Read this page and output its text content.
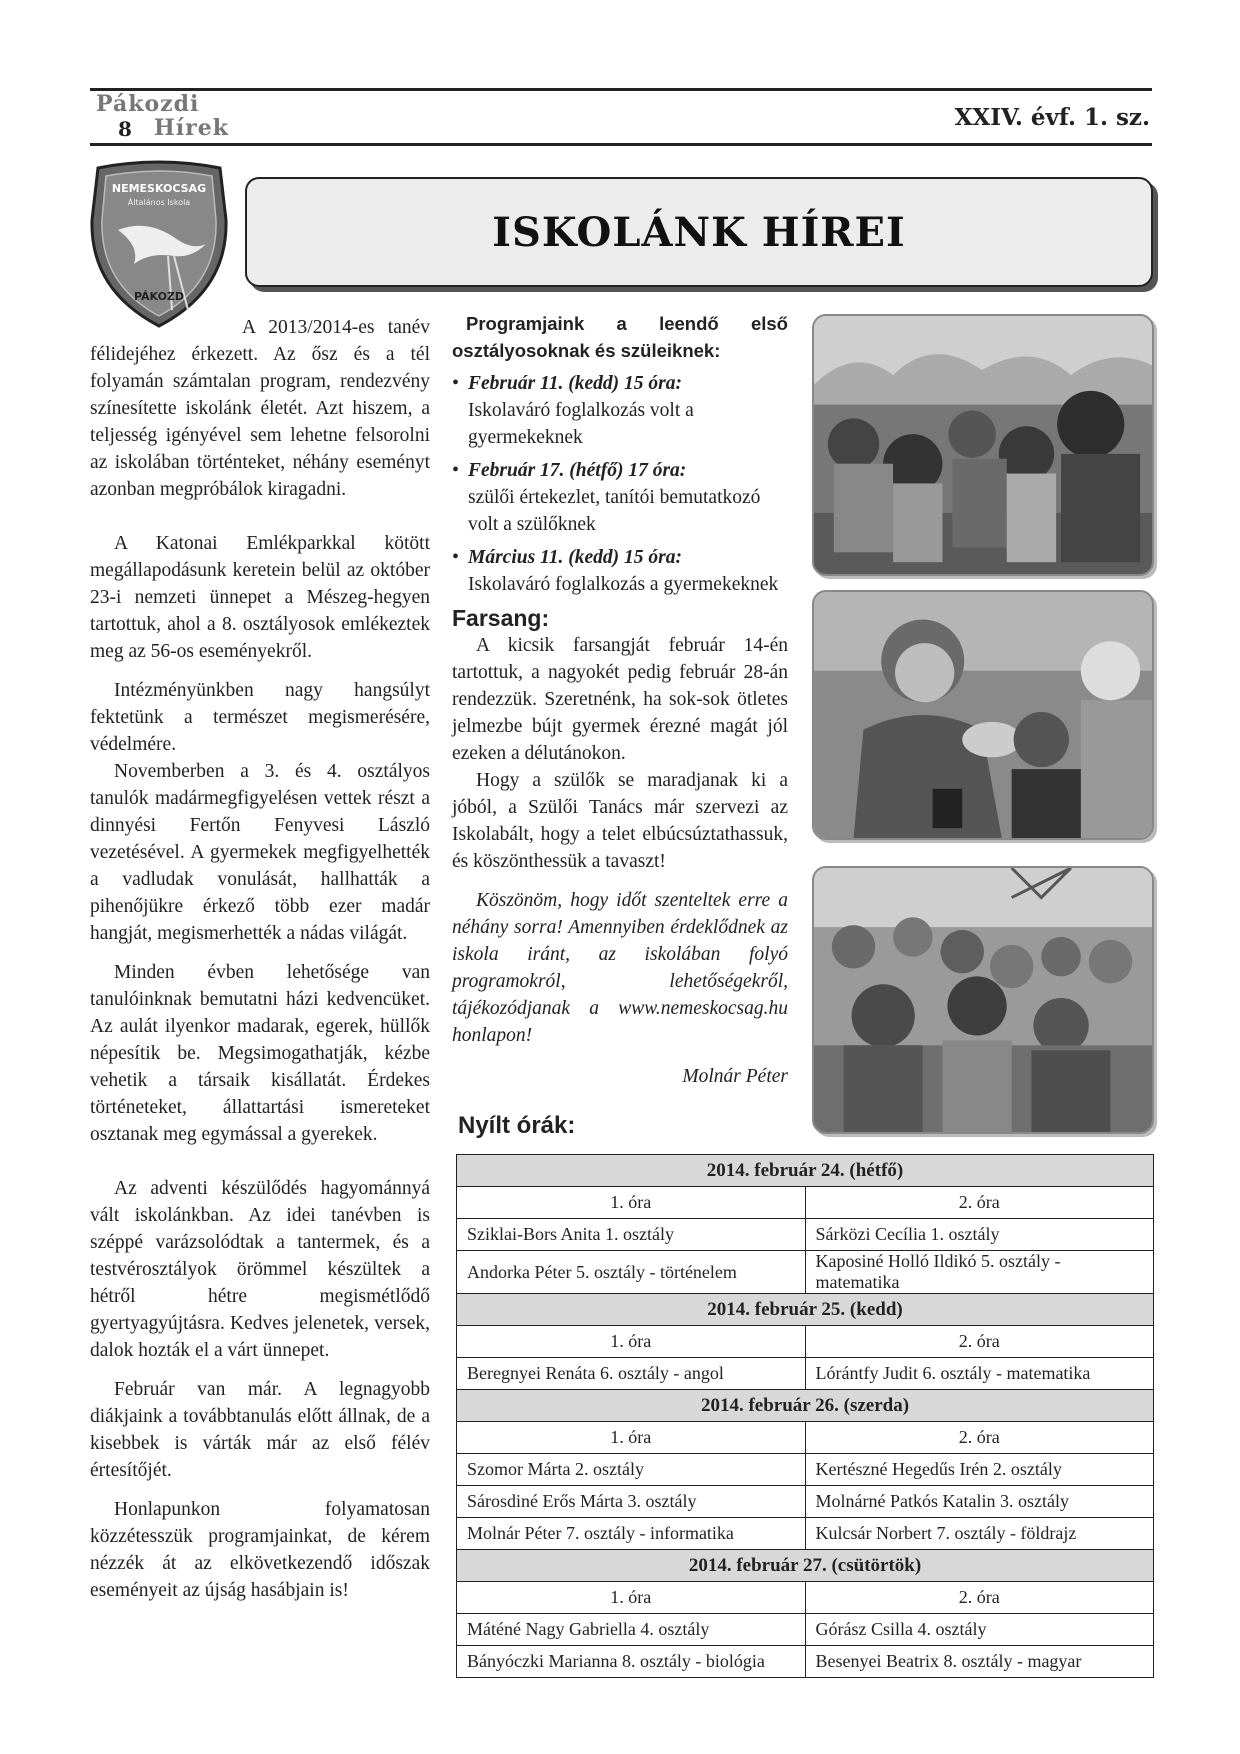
Pákozdi
Hírek
8	XXIV. évf. 1. sz.
NEMESKOCSAG
Általános Iskola
PÁKOZD
ISKOLÁNK HÍREI

A 2013/2014-es tanév félidejéhez érkezett. Az ősz és a tél folyamán számtalan program, rendezvény színesítette iskolánk életét. Azt hiszem, a teljesség igényével sem lehetne felsorolni az iskolában történteket, néhány eseményt azonban megpróbálok kiragadni.

A Katonai Emlékparkkal kötött megállapodásunk keretein belül az október 23-i nemzeti ünnepet a Mészeg-hegyen tartottuk, ahol a 8. osztályosok emlékeztek meg az 56-os eseményekről.

Intézményünkben nagy hangsúlyt fektetünk a természet megismerésére, védelmére.

Novemberben a 3. és 4. osztályos tanulók madármegfigyelésen vettek részt a dinnyési Fertőn Fenyvesi László vezetésével. A gyermekek megfigyelhették a vadludak vonulását, hallhatták a pihenőjükre érkező több ezer madár hangját, megismerhették a nádas világát.

Minden évben lehetősége van tanulóinknak bemutatni házi kedvencüket. Az aulát ilyenkor madarak, egerek, hüllők népesítik be. Megsimogathatják, kézbe vehetik a társaik kisállatát. Érdekes történeteket, állattartási ismereteket osztanak meg egymással a gyerekek.

Az adventi készülődés hagyománnyá vált iskolánkban. Az idei tanévben is széppé varázsolódtak a tantermek, és a testvérosztályok örömmel készültek a hétről hétre megismétlődő gyertyagyújtásra. Kedves jelenetek, versek, dalok hozták el a várt ünnepet.

Február van már. A legnagyobb diákjaink a továbbtanulás előtt állnak, de a kisebbek is várták már az első félév értesítőjét.

Honlapunkon folyamatosan közzétesszük programjainkat, de kérem nézzék át az elkövetkezendő időszak eseményeit az újság hasábjain is!

Programjaink a leendő első osztályosoknak és szüleiknek:

• Február 11. (kedd) 15 óra:
Iskolaváró foglalkozás volt a gyermekeknek
• Február 17. (hétfő) 17 óra:
szülői értekezlet, tanítói bemutatkozó volt a szülőknek
• Március 11. (kedd) 15 óra:
Iskolaváró foglalkozás a gyermekeknek
Farsang:

A kicsik farsangját február 14-én tartottuk, a nagyokét pedig február 28-án rendezzük. Szeretnénk, ha sok-sok ötletes jelmezbe bújt gyermek érezné magát jól ezeken a délutánokon.

Hogy a szülők se maradjanak ki a jóból, a Szülői Tanács már szervezi az Iskolabált, hogy a telet elbúcsúztathassuk, és köszönthessük a tavaszt!

Köszönöm, hogy időt szenteltek erre a néhány sorra! Amennyiben érdeklődnek az iskola iránt, az iskolában folyó programokról, lehetőségekről, tájékozódjanak a www.nemeskocsag.hu honlapon!

Molnár Péter
Nyílt órák:
2014. február 24. (hétfő)	
1. óra	2. óra
Sziklai-Bors Anita 1. osztály	Sárközi Cecília 1. osztály
Andorka Péter 5. osztály - történelem	Kaposiné Holló Ildikó 5. osztály - matematika
2014. február 25. (kedd)	
1. óra	2. óra
Beregnyei Renáta 6. osztály - angol	Lórántfy Judit 6. osztály - matematika
2014. február 26. (szerda)	
1. óra	2. óra
Szomor Márta 2. osztály	Kertészné Hegedűs Irén 2. osztály
Sárosdiné Erős Márta 3. osztály	Molnárné Patkós Katalin 3. osztály
Molnár Péter 7. osztály - informatika	Kulcsár Norbert 7. osztály - földrajz
2014. február 27. (csütörtök)	
1. óra	2. óra
Máténé Nagy Gabriella 4. osztály	Górász Csilla 4. osztály
Bányóczki Marianna 8. osztály - biológia	Besenyei Beatrix 8. osztály - magyar
